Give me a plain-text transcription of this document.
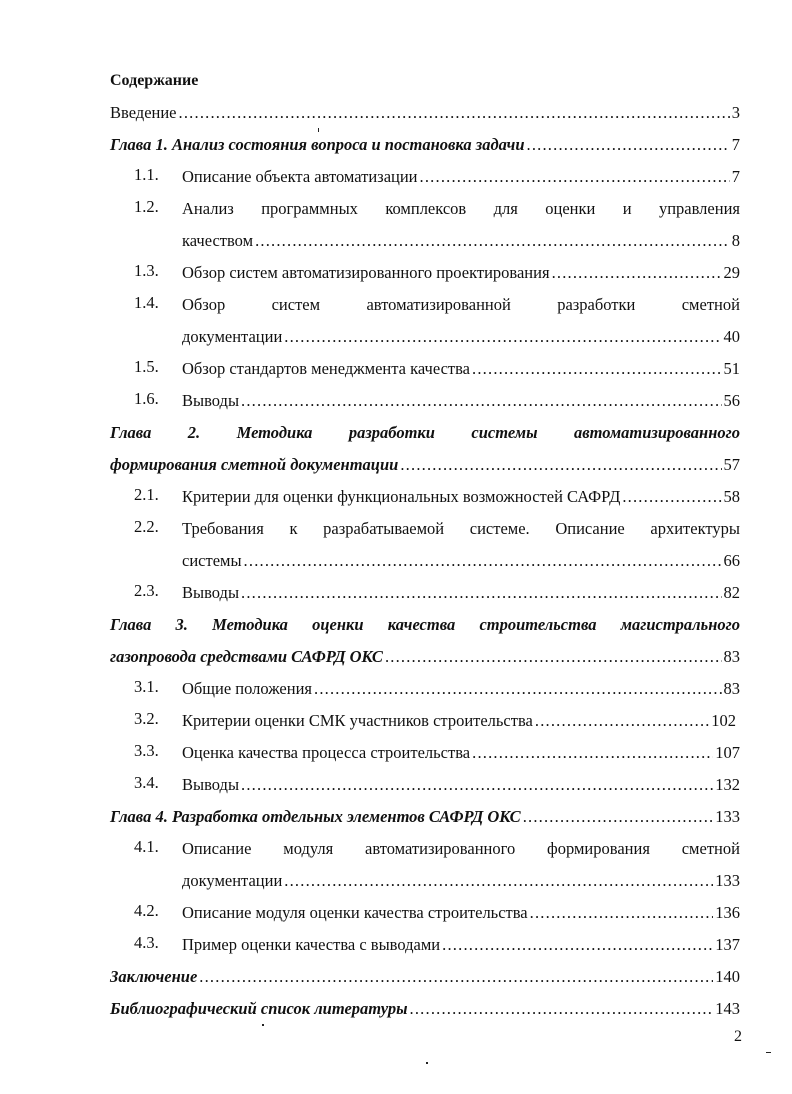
Содержание
Введение .....	3
Глава 1. Анализ состояния вопроса и постановка задачи .....	7
1.1.	Описание объекта автоматизации .....	7
1.2.	Анализ программных комплексов для оценки и управления
качеством .....	8
1.3.	Обзор систем автоматизированного проектирования .....	29
1.4.	Обзор	систем	автоматизированной	разработки	сметной
документации .....	40
1.5.	Обзор стандартов менеджмента качества .....	51
1.6.	Выводы .....	56
Глава 2. Методика разработки системы автоматизированного
формирования сметной документации .....	57
2.1.	Критерии для оценки функциональных возможностей САФРД .....	58
2.2.	Требования к разрабатываемой системе. Описание архитектуры
системы .....	66
2.3.	Выводы .....	82
Глава 3. Методика оценки качества строительства магистрального
газопровода средствами САФРД ОКС .....	83
3.1.	Общие положения .....	83
3.2.	Критерии оценки СМК участников строительства .....	102
3.3.	Оценка качества процесса строительства .....	107
3.4.	Выводы .....	132
Глава 4. Разработка отдельных элементов САФРД ОКС .....	133
4.1.	Описание модуля автоматизированного формирования сметной
документации .....	133
4.2.	Описание модуля оценки качества строительства .....	136
4.3.	Пример оценки качества с выводами .....	137
Заключение .....	140
Библиографический список литературы .....	143
2
